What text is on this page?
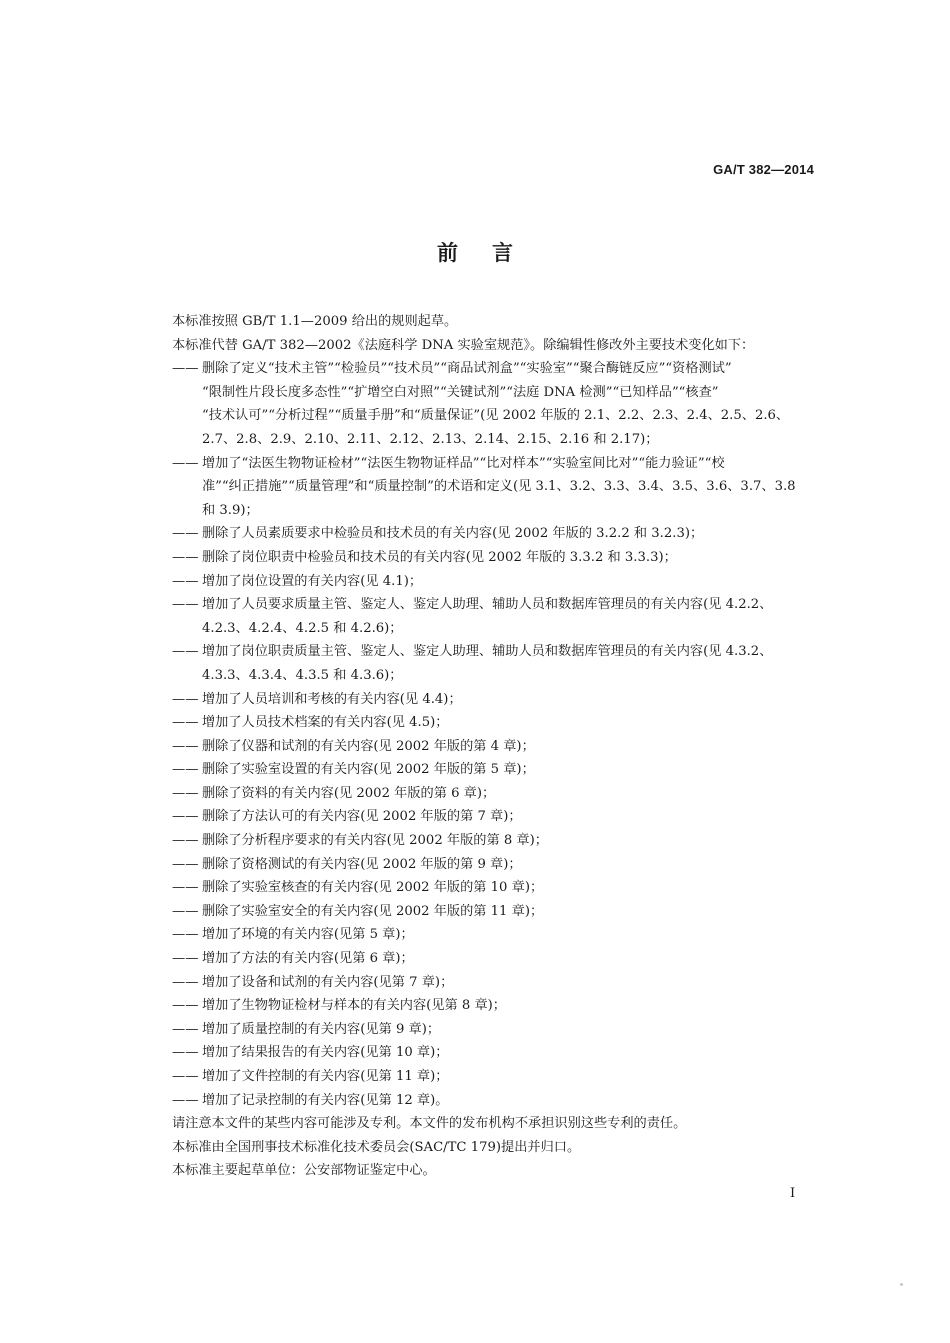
GA/T 382—2014
前言

本标准按照 GB/T 1.1—2009 给出的规则起草。

本标准代替 GA/T 382—2002《法庭科学 DNA 实验室规范》。除编辑性修改外主要技术变化如下：

—— 删除了定义“技术主管”“检验员”“技术员”“商品试剂盒”“实验室”“聚合酶链反应”“资格测试”
“限制性片段长度多态性”“扩增空白对照”“关键试剂”“法庭 DNA 检测”“已知样品”“核查”
“技术认可”“分析过程”“质量手册”和“质量保证”(见 2002 年版的 2.1、2.2、2.3、2.4、2.5、2.6、
2.7、2.8、2.9、2.10、2.11、2.12、2.13、2.14、2.15、2.16 和 2.17)；
—— 增加了“法医生物物证检材”“法医生物物证样品”“比对样本”“实验室间比对”“能力验证”“校
准”“纠正措施”“质量管理”和“质量控制”的术语和定义(见 3.1、3.2、3.3、3.4、3.5、3.6、3.7、3.8
和 3.9)；
—— 删除了人员素质要求中检验员和技术员的有关内容(见 2002 年版的 3.2.2 和 3.2.3)；
—— 删除了岗位职责中检验员和技术员的有关内容(见 2002 年版的 3.3.2 和 3.3.3)；
—— 增加了岗位设置的有关内容(见 4.1)；
—— 增加了人员要求质量主管、鉴定人、鉴定人助理、辅助人员和数据库管理员的有关内容(见 4.2.2、
4.2.3、4.2.4、4.2.5 和 4.2.6)；
—— 增加了岗位职责质量主管、鉴定人、鉴定人助理、辅助人员和数据库管理员的有关内容(见 4.3.2、
4.3.3、4.3.4、4.3.5 和 4.3.6)；
—— 增加了人员培训和考核的有关内容(见 4.4)；
—— 增加了人员技术档案的有关内容(见 4.5)；
—— 删除了仪器和试剂的有关内容(见 2002 年版的第 4 章)；
—— 删除了实验室设置的有关内容(见 2002 年版的第 5 章)；
—— 删除了资料的有关内容(见 2002 年版的第 6 章)；
—— 删除了方法认可的有关内容(见 2002 年版的第 7 章)；
—— 删除了分析程序要求的有关内容(见 2002 年版的第 8 章)；
—— 删除了资格测试的有关内容(见 2002 年版的第 9 章)；
—— 删除了实验室核查的有关内容(见 2002 年版的第 10 章)；
—— 删除了实验室安全的有关内容(见 2002 年版的第 11 章)；
—— 增加了环境的有关内容(见第 5 章)；
—— 增加了方法的有关内容(见第 6 章)；
—— 增加了设备和试剂的有关内容(见第 7 章)；
—— 增加了生物物证检材与样本的有关内容(见第 8 章)；
—— 增加了质量控制的有关内容(见第 9 章)；
—— 增加了结果报告的有关内容(见第 10 章)；
—— 增加了文件控制的有关内容(见第 11 章)；
—— 增加了记录控制的有关内容(见第 12 章)。

请注意本文件的某些内容可能涉及专利。本文件的发布机构不承担识别这些专利的责任。

本标准由全国刑事技术标准化技术委员会(SAC/TC 179)提出并归口。

本标准主要起草单位：公安部物证鉴定中心。

I
